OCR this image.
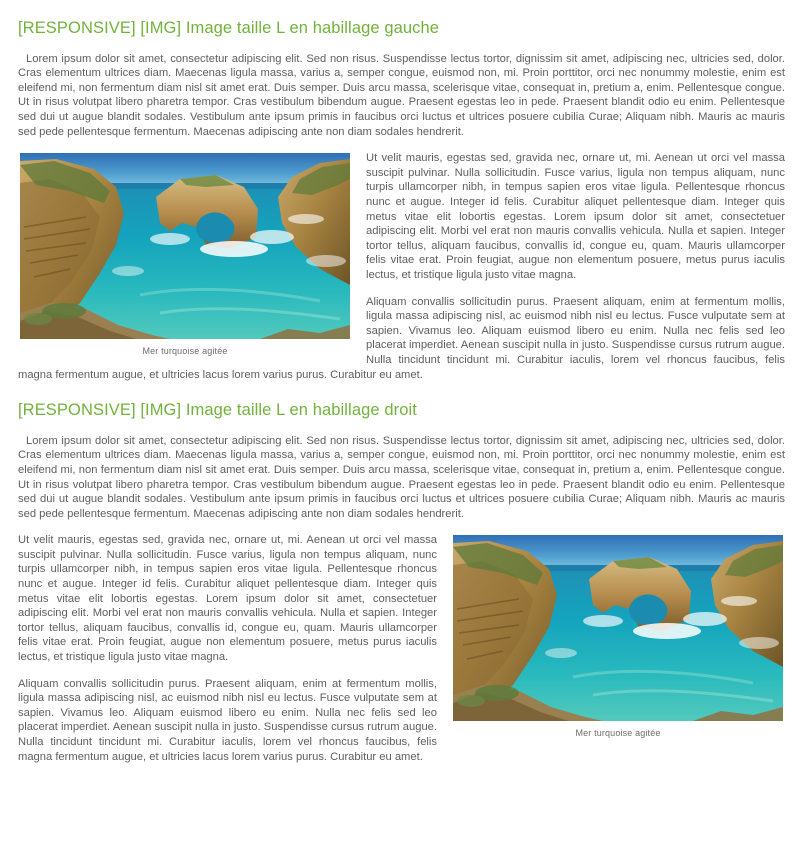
[RESPONSIVE] [IMG] Image taille L en habillage gauche

Lorem ipsum dolor sit amet, consectetur adipiscing elit. Sed non risus. Suspendisse lectus tortor, dignissim sit amet, adipiscing nec, ultricies sed, dolor. Cras elementum ultrices diam. Maecenas ligula massa, varius a, semper congue, euismod non, mi. Proin porttitor, orci nec nonummy molestie, enim est eleifend mi, non fermentum diam nisl sit amet erat. Duis semper. Duis arcu massa, scelerisque vitae, consequat in, pretium a, enim. Pellentesque congue. Ut in risus volutpat libero pharetra tempor. Cras vestibulum bibendum augue. Praesent egestas leo in pede. Praesent blandit odio eu enim. Pellentesque sed dui ut augue blandit sodales. Vestibulum ante ipsum primis in faucibus orci luctus et ultrices posuere cubilia Curae; Aliquam nibh. Mauris ac mauris sed pede pellentesque fermentum. Maecenas adipiscing ante non diam sodales hendrerit.

Mer turquoise agitée

Ut velit mauris, egestas sed, gravida nec, ornare ut, mi. Aenean ut orci vel massa suscipit pulvinar. Nulla sollicitudin. Fusce varius, ligula non tempus aliquam, nunc turpis ullamcorper nibh, in tempus sapien eros vitae ligula. Pellentesque rhoncus nunc et augue. Integer id felis. Curabitur aliquet pellentesque diam. Integer quis metus vitae elit lobortis egestas. Lorem ipsum dolor sit amet, consectetuer adipiscing elit. Morbi vel erat non mauris convallis vehicula. Nulla et sapien. Integer tortor tellus, aliquam faucibus, convallis id, congue eu, quam. Mauris ullamcorper felis vitae erat. Proin feugiat, augue non elementum posuere, metus purus iaculis lectus, et tristique ligula justo vitae magna.

Aliquam convallis sollicitudin purus. Praesent aliquam, enim at fermentum mollis, ligula massa adipiscing nisl, ac euismod nibh nisl eu lectus. Fusce vulputate sem at sapien. Vivamus leo. Aliquam euismod libero eu enim. Nulla nec felis sed leo placerat imperdiet. Aenean suscipit nulla in justo. Suspendisse cursus rutrum augue. Nulla tincidunt tincidunt mi. Curabitur iaculis, lorem vel rhoncus faucibus, felis magna fermentum augue, et ultricies lacus lorem varius purus. Curabitur eu amet.

[RESPONSIVE] [IMG] Image taille L en habillage droit

Lorem ipsum dolor sit amet, consectetur adipiscing elit. Sed non risus. Suspendisse lectus tortor, dignissim sit amet, adipiscing nec, ultricies sed, dolor. Cras elementum ultrices diam. Maecenas ligula massa, varius a, semper congue, euismod non, mi. Proin porttitor, orci nec nonummy molestie, enim est eleifend mi, non fermentum diam nisl sit amet erat. Duis semper. Duis arcu massa, scelerisque vitae, consequat in, pretium a, enim. Pellentesque congue. Ut in risus volutpat libero pharetra tempor. Cras vestibulum bibendum augue. Praesent egestas leo in pede. Praesent blandit odio eu enim. Pellentesque sed dui ut augue blandit sodales. Vestibulum ante ipsum primis in faucibus orci luctus et ultrices posuere cubilia Curae; Aliquam nibh. Mauris ac mauris sed pede pellentesque fermentum. Maecenas adipiscing ante non diam sodales hendrerit.

Mer turquoise agitée

Ut velit mauris, egestas sed, gravida nec, ornare ut, mi. Aenean ut orci vel massa suscipit pulvinar. Nulla sollicitudin. Fusce varius, ligula non tempus aliquam, nunc turpis ullamcorper nibh, in tempus sapien eros vitae ligula. Pellentesque rhoncus nunc et augue. Integer id felis. Curabitur aliquet pellentesque diam. Integer quis metus vitae elit lobortis egestas. Lorem ipsum dolor sit amet, consectetuer adipiscing elit. Morbi vel erat non mauris convallis vehicula. Nulla et sapien. Integer tortor tellus, aliquam faucibus, convallis id, congue eu, quam. Mauris ullamcorper felis vitae erat. Proin feugiat, augue non elementum posuere, metus purus iaculis lectus, et tristique ligula justo vitae magna.

Aliquam convallis sollicitudin purus. Praesent aliquam, enim at fermentum mollis, ligula massa adipiscing nisl, ac euismod nibh nisl eu lectus. Fusce vulputate sem at sapien. Vivamus leo. Aliquam euismod libero eu enim. Nulla nec felis sed leo placerat imperdiet. Aenean suscipit nulla in justo. Suspendisse cursus rutrum augue. Nulla tincidunt tincidunt mi. Curabitur iaculis, lorem vel rhoncus faucibus, felis magna fermentum augue, et ultricies lacus lorem varius purus. Curabitur eu amet.
